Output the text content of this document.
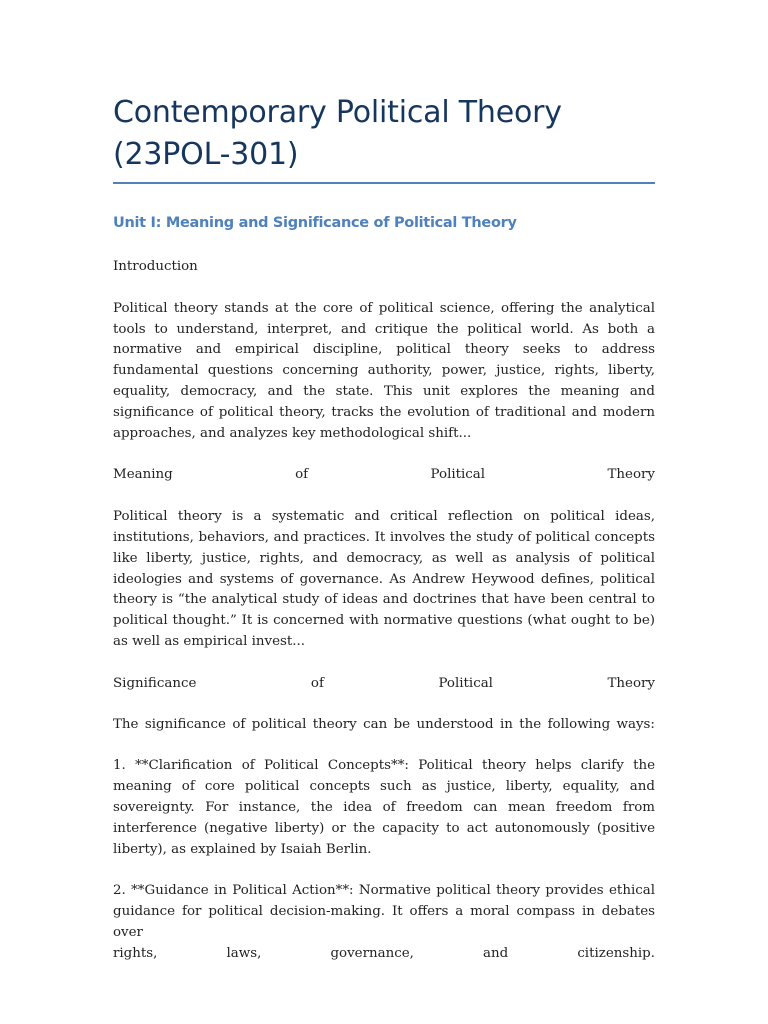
Contemporary Political Theory (23POL-301)
Unit I: Meaning and Significance of Political Theory

Introduction

Political theory stands at the core of political science, offering the analytical tools to understand, interpret, and critique the political world. As both a normative and empirical discipline, political theory seeks to address fundamental questions concerning authority, power, justice, rights, liberty, equality, democracy, and the state. This unit explores the meaning and significance of political theory, tracks the evolution of traditional and modern approaches, and analyzes key methodological shift...

Meaning	of	Political	Theory

Political theory is a systematic and critical reflection on political ideas, institutions, behaviors, and practices. It involves the study of political concepts like liberty, justice, rights, and democracy, as well as analysis of political ideologies and systems of governance. As Andrew Heywood defines, political theory is “the analytical study of ideas and doctrines that have been central to political thought.” It is concerned with normative questions (what ought to be) as well as empirical invest...

Significance	of	Political	Theory
The significance of political theory can be understood in the following ways:

1. **Clarification of Political Concepts**: Political theory helps clarify the meaning of core political concepts such as justice, liberty, equality, and sovereignty. For instance, the idea of freedom can mean freedom from interference (negative liberty) or the capacity to act autonomously (positive liberty), as explained by Isaiah Berlin.

2. **Guidance in Political Action**: Normative political theory provides ethical guidance for political decision-making. It offers a moral compass in debates over

rights,	laws,	governance,	and	citizenship.
